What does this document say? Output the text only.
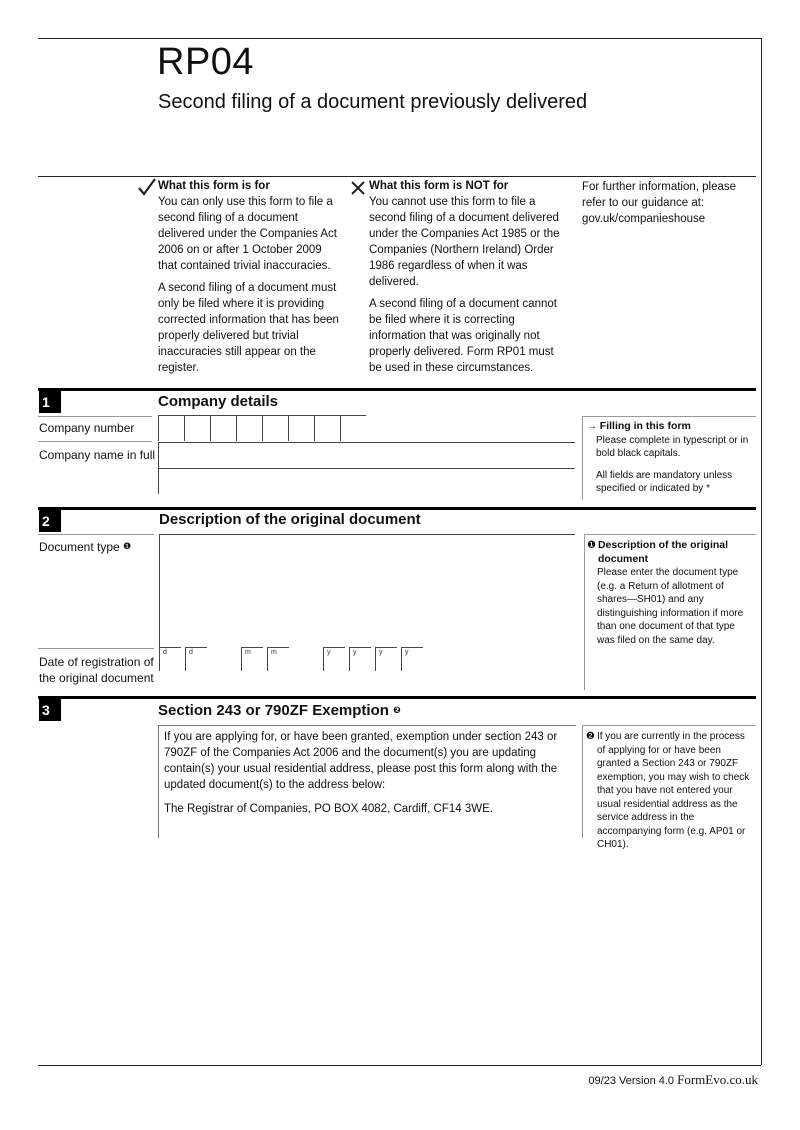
RP04
Second filing of a document previously delivered
What this form is for

You can only use this form to file a second filing of a document delivered under the Companies Act 2006 on or after 1 October 2009 that contained trivial inaccuracies.

A second filing of a document must only be filed where it is providing corrected information that has been properly delivered but trivial inaccuracies still appear on the register.

What this form is NOT for

You cannot use this form to file a second filing of a document delivered under the Companies Act 1985 or the Companies (Northern Ireland) Order 1986 regardless of when it was delivered.

A second filing of a document cannot be filed where it is correcting information that was originally not properly delivered. Form RP01 must be used in these circumstances.

For further information, please refer to our guidance at: gov.uk/companieshouse
1	Company details
Company number
Company name in full
→ Filling in this form
Please complete in typescript or in bold black capitals.
All fields are mandatory unless specified or indicated by *
2	Description of the original document
Document type ❶
Date of registration of the original document
d	d	m	m	y	y	y	y
❶ Description of the original document
Please enter the document type (e.g. a Return of allotment of shares—SH01) and any distinguishing information if more than one document of that type was filed on the same day.
3	Section 243 or 790ZF Exemption ❷

If you are applying for, or have been granted, exemption under section 243 or 790ZF of the Companies Act 2006 and the document(s) you are updating contain(s) your usual residential address, please post this form along with the updated document(s) to the address below:

The Registrar of Companies, PO BOX 4082, Cardiff, CF14 3WE.

❷ If you are currently in the process of applying for or have been granted a Section 243 or 790ZF exemption, you may wish to check that you have not entered your usual residential address as the service address in the accompanying form (e.g. AP01 or CH01).
09/23 Version 4.0 FormEvo.co.uk
